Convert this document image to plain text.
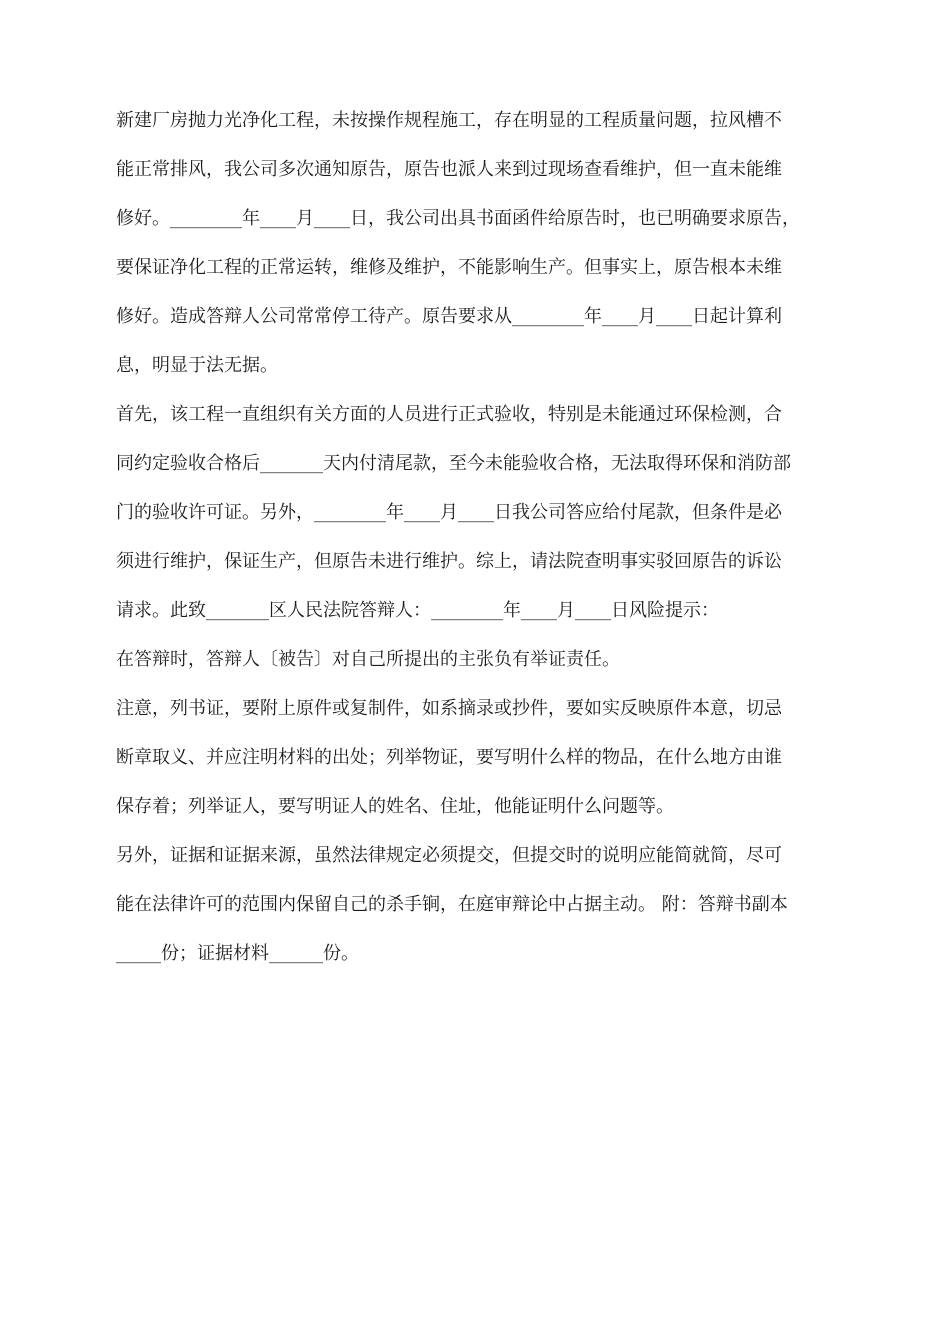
新建厂房抛力光净化工程，未按操作规程施工，存在明显的工程质量问题，拉风槽不
能正常排风，我公司多次通知原告，原告也派人来到过现场查看维护，但一直未能维
修好。________年____月____日，我公司出具书面函件给原告时，也已明确要求原告，
要保证净化工程的正常运转，维修及维护，不能影响生产。但事实上，原告根本未维
修好。造成答辩人公司常常停工待产。原告要求从________年____月____日起计算利
息，明显于法无据。
首先，该工程一直组织有关方面的人员进行正式验收，特别是未能通过环保检测，合
同约定验收合格后_______天内付清尾款，至今未能验收合格，无法取得环保和消防部
门的验收许可证。另外，________年____月____日我公司答应给付尾款，但条件是必
须进行维护，保证生产，但原告未进行维护。综上，请法院查明事实驳回原告的诉讼
请求。此致_______区人民法院答辩人：________年____月____日风险提示：
在答辩时，答辩人〔被告〕对自己所提出的主张负有举证责任。
注意，列书证，要附上原件或复制件，如系摘录或抄件，要如实反映原件本意，切忌
断章取义、并应注明材料的出处；列举物证，要写明什么样的物品，在什么地方由谁
保存着；列举证人，要写明证人的姓名、住址，他能证明什么问题等。
另外，证据和证据来源，虽然法律规定必须提交，但提交时的说明应能简就简，尽可
能在法律许可的范围内保留自己的杀手锏，在庭审辩论中占据主动。 附：答辩书副本
_____份；证据材料______份。
